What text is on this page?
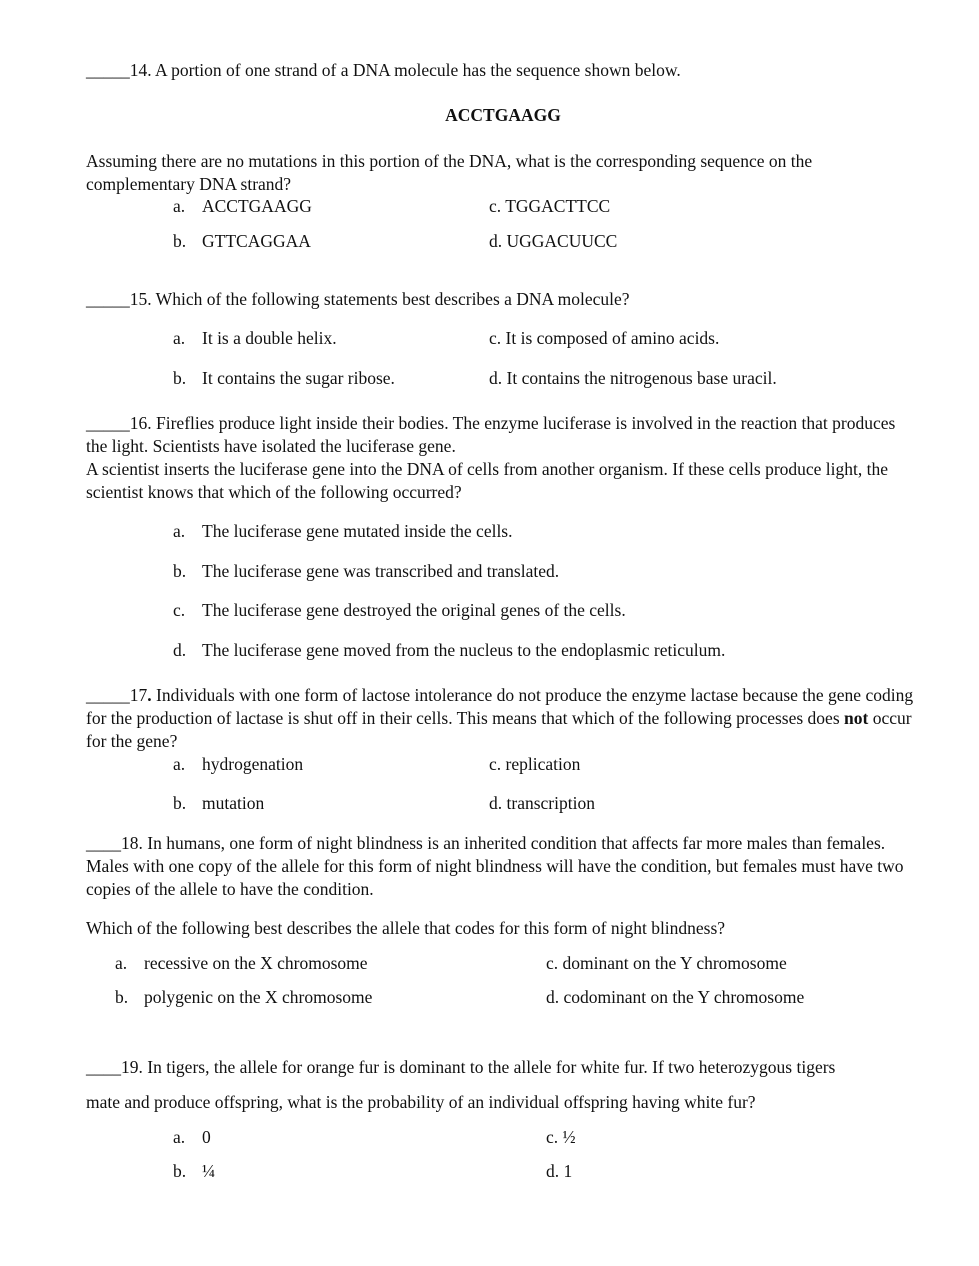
_____14. A portion of one strand of a DNA molecule has the sequence shown below.
ACCTGAAGG
Assuming there are no mutations in this portion of the DNA, what is the corresponding sequence on the complementary DNA strand?
a. ACCTGAAGG
b. GTTCAGGAA
c. TGGACTTCC
d. UGGACUUCC
_____15. Which of the following statements best describes a DNA molecule?
a. It is a double helix.
b. It contains the sugar ribose.
c. It is composed of amino acids.
d. It contains the nitrogenous base uracil.
_____16. Fireflies produce light inside their bodies. The enzyme luciferase is involved in the reaction that produces the light. Scientists have isolated the luciferase gene.
A scientist inserts the luciferase gene into the DNA of cells from another organism. If these cells produce light, the scientist knows that which of the following occurred?
a. The luciferase gene mutated inside the cells.
b. The luciferase gene was transcribed and translated.
c. The luciferase gene destroyed the original genes of the cells.
d. The luciferase gene moved from the nucleus to the endoplasmic reticulum.
_____17. Individuals with one form of lactose intolerance do not produce the enzyme lactase because the gene coding for the production of lactase is shut off in their cells. This means that which of the following processes does not occur for the gene?
a. hydrogenation
b. mutation
c. replication
d. transcription
____18. In humans, one form of night blindness is an inherited condition that affects far more males than females. Males with one copy of the allele for this form of night blindness will have the condition, but females must have two copies of the allele to have the condition.
Which of the following best describes the allele that codes for this form of night blindness?
a. recessive on the X chromosome
b. polygenic on the X chromosome
c. dominant on the Y chromosome
d. codominant on the Y chromosome
____19. In tigers, the allele for orange fur is dominant to the allele for white fur. If two heterozygous tigers
mate and produce offspring, what is the probability of an individual offspring having white fur?
a. 0
b. ¼
c. ½
d. 1
